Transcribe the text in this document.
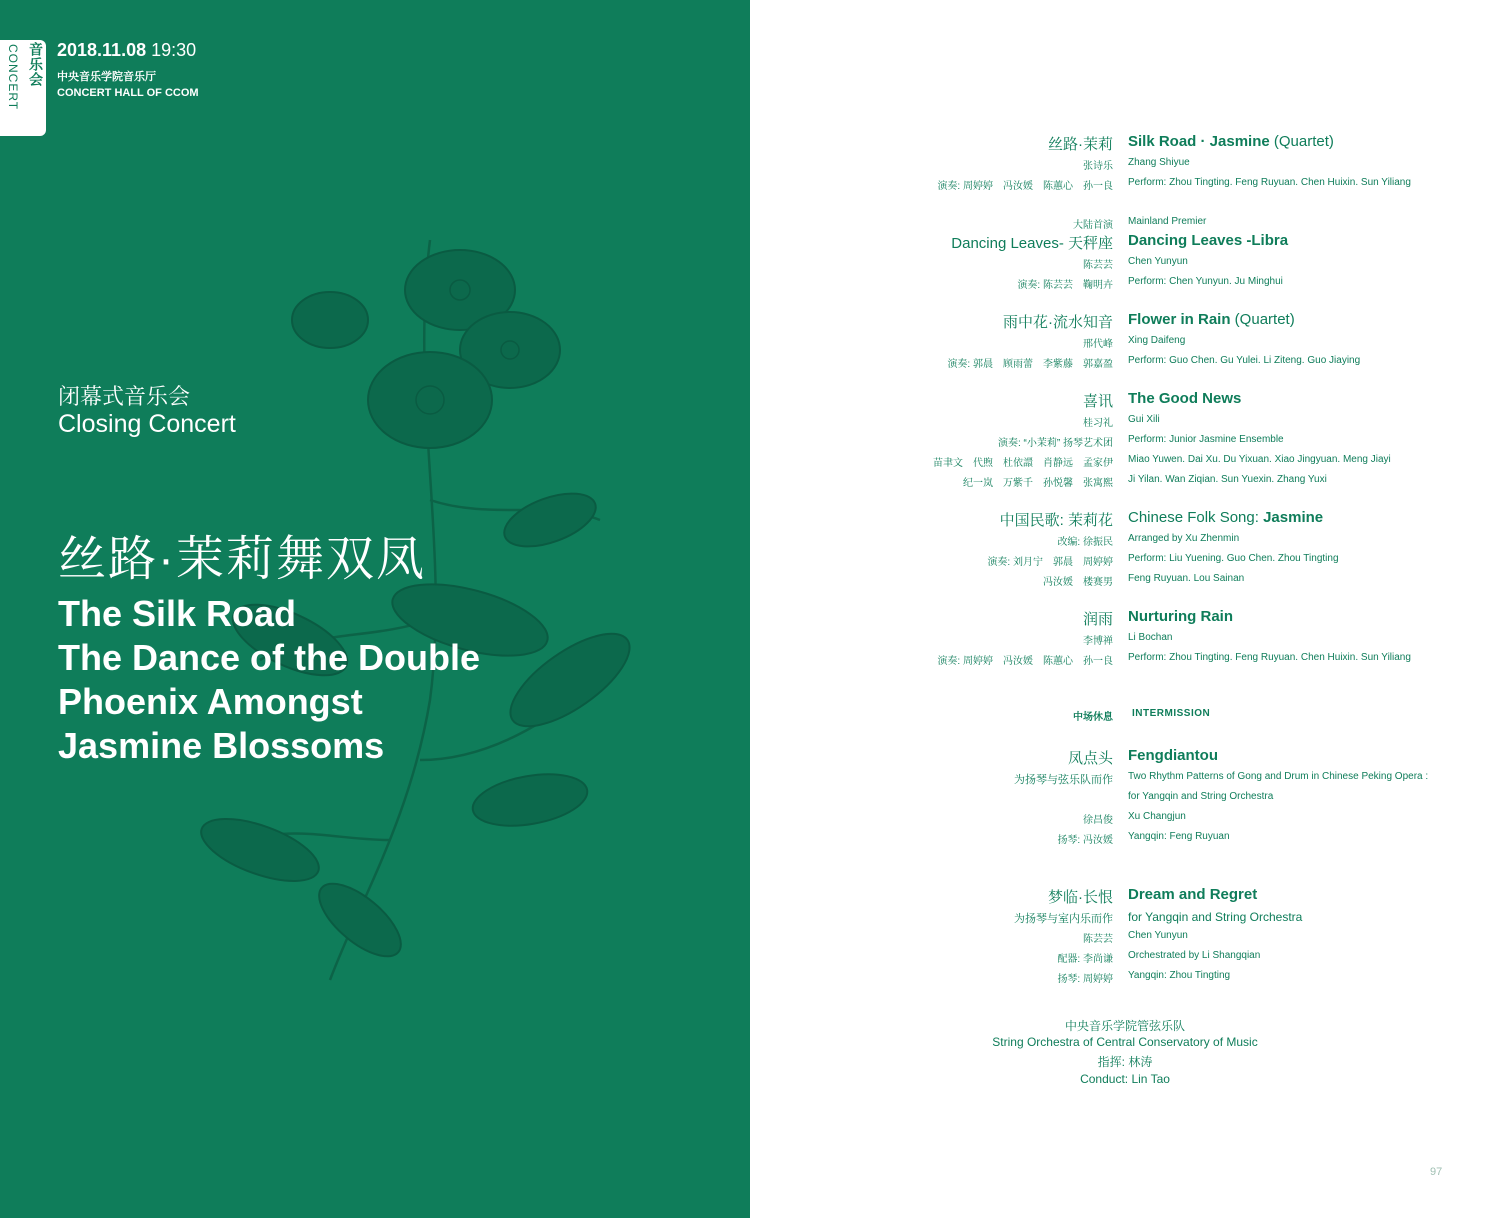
音乐会
CONCERT 2018.11.08 19:30
中央音乐学院音乐厅
CONCERT HALL OF CCOM
闭幕式音乐会
Closing Concert
丝路·茉莉舞双凤
The Silk Road
The Dance of the Double
Phoenix Amongst
Jasmine Blossoms
丝路·茉莉 Silk Road · Jasmine (Quartet)
张诗乐 Zhang Shiyue
演奏: 周婷婷　冯汝媛　陈蕙心　孙一良 Perform: Zhou Tingting. Feng Ruyuan. Chen Huixin. Sun Yiliang
大陆首演 Mainland Premier
Dancing Leaves- 天秤座 Dancing Leaves -Libra
陈芸芸 Chen Yunyun
演奏: 陈芸芸　鞠明卉 Perform: Chen Yunyun. Ju Minghui
雨中花·流水知音 Flower in Rain (Quartet)
邢代峰 Xing Daifeng
演奏: 郭晨　顾雨蕾　李紫藤　郭嘉盈 Perform: Guo Chen. Gu Yulei. Li Ziteng. Guo Jiaying
喜讯 The Good News
桂习礼 Gui Xili
演奏: “小茉莉” 扬琴艺术团 Perform: Junior Jasmine Ensemble
苗聿文　代煦　杜依譞　肖静远　孟家伊 Miao Yuwen. Dai Xu. Du Yixuan. Xiao Jingyuan. Meng Jiayi
纪一岚　万紫千　孙悦馨　张寓熙 Ji Yilan. Wan Ziqian. Sun Yuexin. Zhang Yuxi
中国民歌: 茉莉花 Chinese Folk Song: Jasmine
改编: 徐振民 Arranged by Xu Zhenmin
演奏: 刘月宁　郭晨　周婷婷 Perform: Liu Yuening. Guo Chen. Zhou Tingting
冯汝媛　楼赛男 Feng Ruyuan. Lou Sainan
润雨 Nurturing Rain
李博禅 Li Bochan
演奏: 周婷婷　冯汝媛　陈蕙心　孙一良 Perform: Zhou Tingting. Feng Ruyuan. Chen Huixin. Sun Yiliang
中场休息 INTERMISSION
凤点头 Fengdiantou
为扬琴与弦乐队而作 Two Rhythm Patterns of Gong and Drum in Chinese Peking Opera :
for Yangqin and String Orchestra
徐昌俊 Xu Changjun
扬琴: 冯汝媛 Yangqin: Feng Ruyuan
梦临·长恨 Dream and Regret
为扬琴与室内乐而作 for Yangqin and String Orchestra
陈芸芸 Chen Yunyun
配器: 李尚谦 Orchestrated by Li Shangqian
扬琴: 周婷婷 Yangqin: Zhou Tingting
中央音乐学院管弦乐队
String Orchestra of Central Conservatory of Music
指挥: 林涛
Conduct: Lin Tao
97
